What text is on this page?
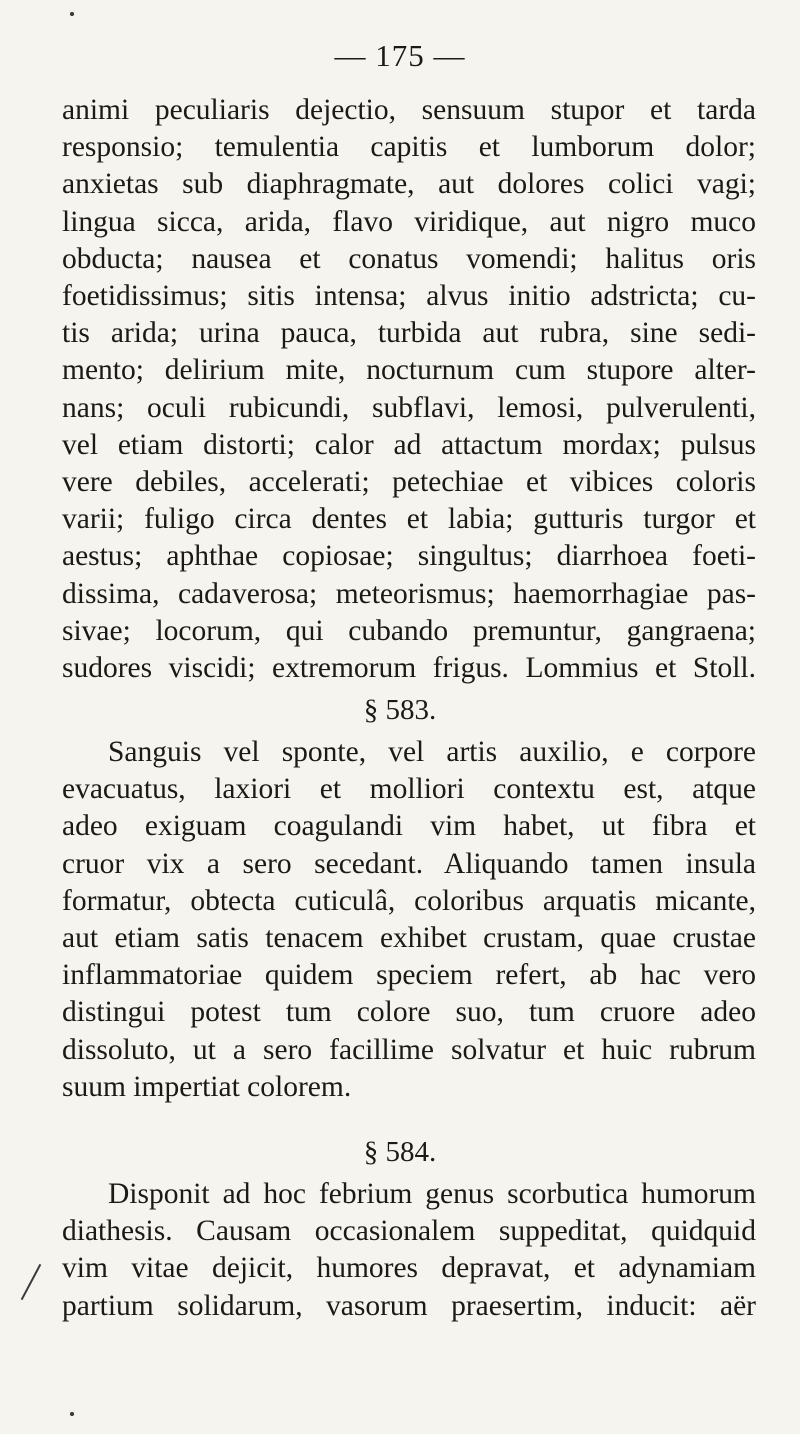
— 175 —
animi peculiaris dejectio, sensuum stupor et tarda
responsio; temulentia capitis et lumborum dolor;
anxietas sub diaphragmate, aut dolores colici vagi;
lingua sicca, arida, flavo viridique, aut nigro muco
obducta; nausea et conatus vomendi; halitus oris
foetidissimus; sitis intensa; alvus initio adstricta; cu-
tis arida; urina pauca, turbida aut rubra, sine sedi-
mento; delirium mite, nocturnum cum stupore alter-
nans; oculi rubicundi, subflavi, lemosi, pulverulenti,
vel etiam distorti; calor ad attactum mordax; pulsus
vere debiles, accelerati; petechiae et vibices coloris
varii; fuligo circa dentes et labia; gutturis turgor et
aestus; aphthae copiosae; singultus; diarrhoea foeti-
dissima, cadaverosa; meteorismus; haemorrhagiae pas-
sivae; locorum, qui cubando premuntur, gangraena;
sudores viscidi; extremorum frigus. Lommius et Stoll.
§ 583.
Sanguis vel sponte, vel artis auxilio, e corpore
evacuatus, laxiori et molliori contextu est, atque
adeo exiguam coagulandi vim habet, ut fibra et
cruor vix a sero secedant. Aliquando tamen insula
formatur, obtecta cuticulâ, coloribus arquatis micante,
aut etiam satis tenacem exhibet crustam, quae crustae
inflammatoriae quidem speciem refert, ab hac vero
distingui potest tum colore suo, tum cruore adeo
dissoluto, ut a sero facillime solvatur et huic rubrum
suum impertiat colorem.
§ 584.
Disponit ad hoc febrium genus scorbutica humorum
diathesis. Causam occasionalem suppeditat, quidquid
vim vitae dejicit, humores depravat, et adynamiam
partium solidarum, vasorum praesertim, inducit: aër
